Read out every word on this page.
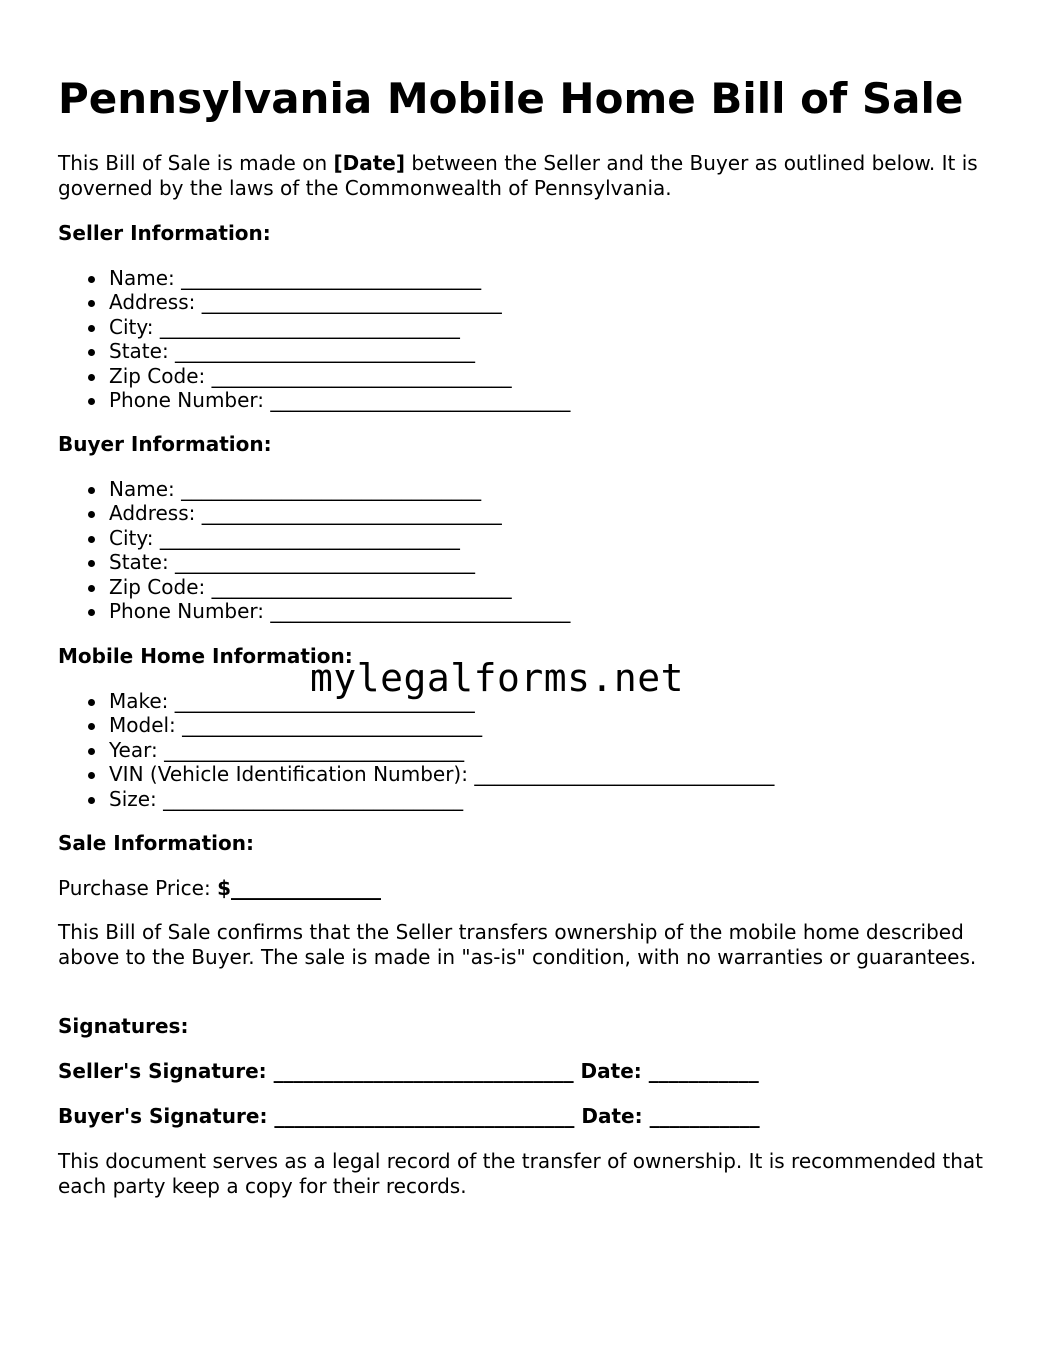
Pennsylvania Mobile Home Bill of Sale
This Bill of Sale is made on [Date] between the Seller and the Buyer as outlined below. It is governed by the laws of the Commonwealth of Pennsylvania.
Seller Information:
Name: ______________________________
Address: ______________________________
City: ______________________________
State: ______________________________
Zip Code: ______________________________
Phone Number: ______________________________
Buyer Information:
Name: ______________________________
Address: ______________________________
City: ______________________________
State: ______________________________
Zip Code: ______________________________
Phone Number: ______________________________
Mobile Home Information:
Make: ______________________________
Model: ______________________________
Year: ______________________________
VIN (Vehicle Identification Number): ______________________________
Size: ______________________________
Sale Information:
Purchase Price: $_______________
This Bill of Sale confirms that the Seller transfers ownership of the mobile home described above to the Buyer. The sale is made in "as-is" condition, with no warranties or guarantees.
Signatures:
Seller's Signature: ______________________________ Date: ___________
Buyer's Signature: ______________________________ Date: ___________
This document serves as a legal record of the transfer of ownership. It is recommended that each party keep a copy for their records.
mylegalforms.net
